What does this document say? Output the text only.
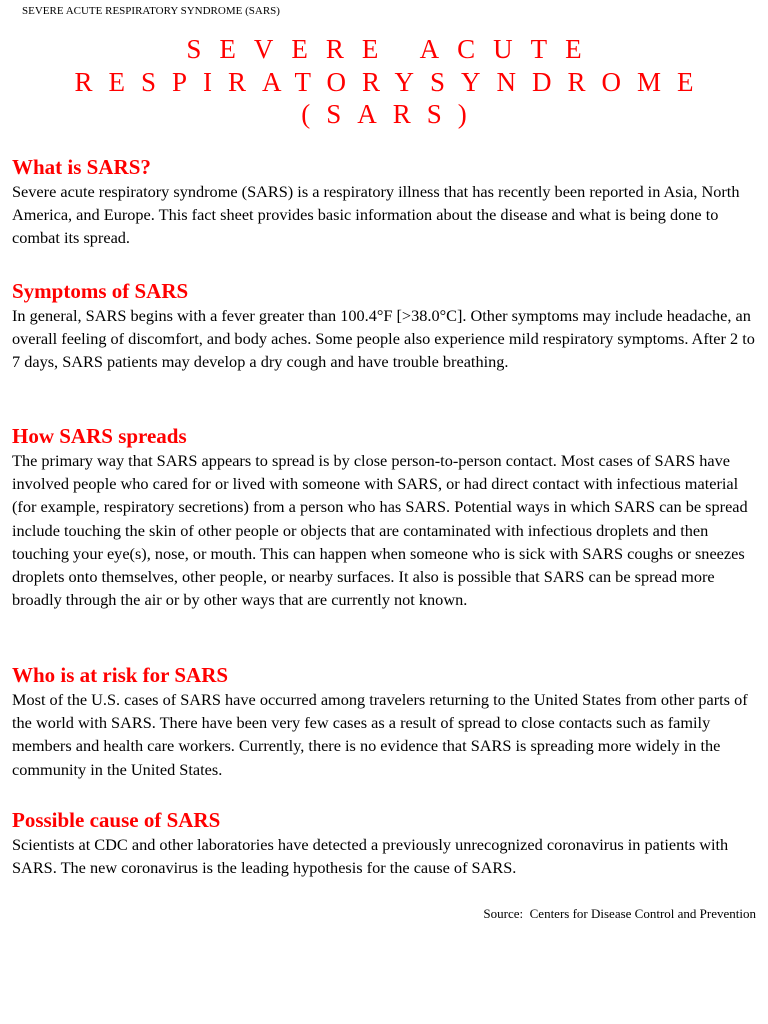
SEVERE ACUTE RESPIRATORY SYNDROME (SARS)
SEVERE ACUTE
RESPIRATORYSYNDROME
(SARS)
What is SARS?

Severe acute respiratory syndrome (SARS) is a respiratory illness that has recently been reported in Asia, North America, and Europe. This fact sheet provides basic information about the disease and what is being done to combat its spread.

Symptoms of SARS

In general, SARS begins with a fever greater than 100.4°F [>38.0°C]. Other symptoms may include headache, an overall feeling of discomfort, and body aches. Some people also experience mild respiratory symptoms. After 2 to 7 days, SARS patients may develop a dry cough and have trouble breathing.

How SARS spreads

The primary way that SARS appears to spread is by close person-to-person contact. Most cases of SARS have involved people who cared for or lived with someone with SARS, or had direct contact with infectious material (for example, respiratory secretions) from a person who has SARS. Potential ways in which SARS can be spread include touching the skin of other people or objects that are contaminated with infectious droplets and then touching your eye(s), nose, or mouth. This can happen when someone who is sick with SARS coughs or sneezes droplets onto themselves, other people, or nearby surfaces. It also is possible that SARS can be spread more broadly through the air or by other ways that are currently not known.

Who is at risk for SARS

Most of the U.S. cases of SARS have occurred among travelers returning to the United States from other parts of the world with SARS. There have been very few cases as a result of spread to close contacts such as family members and health care workers. Currently, there is no evidence that SARS is spreading more widely in the community in the United States.

Possible cause of SARS

Scientists at CDC and other laboratories have detected a previously unrecognized coronavirus in patients with SARS. The new coronavirus is the leading hypothesis for the cause of SARS.

Source:  Centers for Disease Control and Prevention
